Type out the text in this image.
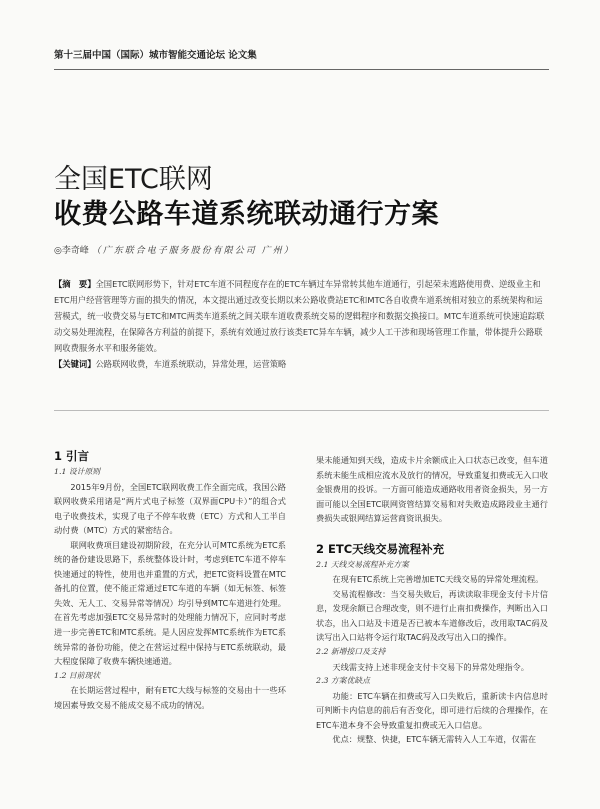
第十三届中国（国际）城市智能交通论坛 论文集
全国ETC联网
收费公路车道系统联动通行方案
◎李奇峰 （广东联合电子服务股份有限公司 广州）
【摘　要】全国ETC联网形势下，针对ETC车道不同程度存在的ETC车辆过车异常转其他车道通行，引起荣未逃路使用费、逆级业主和ETC用户经营管理等方面的损失的情况，本文提出通过改变长期以来公路收费站ETC和MTC各自收费车道系统相对独立的系统架构和运营模式，统一收费交易与ETC和MTC两类车道系统之间关联车道收费系统交易的逻辑程序和数据交换接口。MTC车道系统可快速追踪联动交易处理流程，在保障各方利益的前提下，系统有效通过放行该类ETC异车车辆，减少人工干涉和现场管理工作量，带体提升公路联网收费服务水平和服务能效。
【关键词】公路联网收费，车道系统联动，异常处理，运营策略
1 引言
1.1 设计原则

2015年9月份，全国ETC联网收费工作全面完成，我国公路联网收费采用诸是“两片式电子标签（双界面CPU卡）”的组合式电子收费技术，实现了电子不停车收费（ETC）方式和人工半自动付费（MTC）方式的紧密结合。

联网收费项目建设初期阶段，在充分认可MTC系统为ETC系统的备份建设思路下，系统整体设计时，考虑到ETC车道不停车快速通过的特性，使用也并重置的方式，把ETC资料设置在MTC备扎的位置，使不能正常通过ETC车道的车辆（如无标签、标签失效、无人工、交易异常等情况）均引导到MTC车道进行处理。在首先考虑加强ETC交易异常时的处理能力情况下，应同时考虑进一步完善ETC和MTC系统。是人因应发挥MTC系统作为ETC系统异常的备份功能，使之在营运过程中保持与ETC系统联动，最大程度保障了收费车辆快速通道。

1.2 目前现状

在长期运营过程中，耐有ETC大线与标签的交易由十一些环境因素导致交易不能成交易不成功的情况。

果未能通知到天线，造成卡片余额成止入口状态已改变，但车道系统未能生成相应流水及放行的情况，导致重复扣费或无入口收金银费用的投诉。一方面可能造成通路收用者资金损失，另一方面可能以全国ETC联网资管结算交易和对失败造成路段业主通行费损失或银网结算运营商资讯损失。

2 ETC天线交易流程补充
2.1 天线交易流程补充方案

在现有ETC系统上完善增加ETC天线交易的异常处理流程。

交易流程修改：当交易失败后，再读读取非现金支付卡片信息，发现余额已合理改变，则不进行止南扣费操作，判断出入口状态，出入口站及卡道是否已被本车道修改后，改用取TAC码及读写出入口站将令运行取TAC码及改写出入口的操作。

2.2 新增接口及支持

天线需支持上述非现金支付卡交易下的异常处理指令。

2.3 方案优缺点

功能：ETC车辆在扣费或写入口失败后，重新读卡内信息时可判断卡内信息的前后有否变化，即可进行后续的合理操作，在ETC车道本身不会导致重复扣费或无入口信息。

优点：规整、快捷，ETC车辆无需转入人工车道，仅需在
